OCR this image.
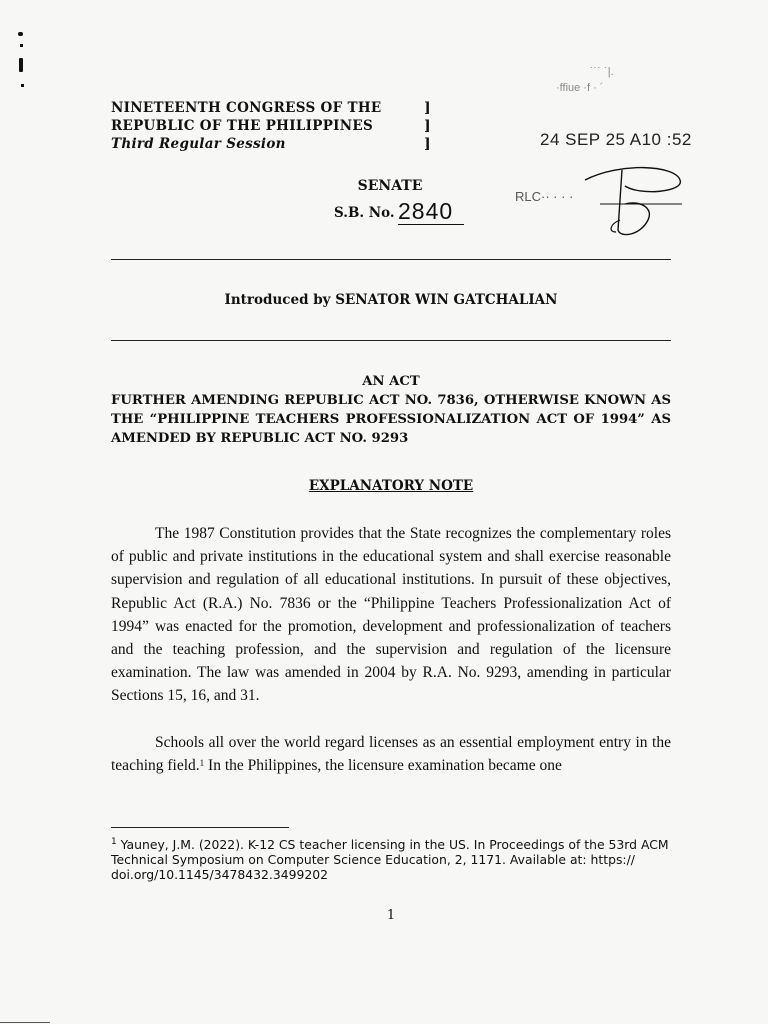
NINETEENTH CONGRESS OF THE
REPUBLIC OF THE PHILIPPINES
Third Regular Session
]
]
]
˙˙˙ ˙|.
·ffiue ·f · ´
24 SEP 25 A10 :52
RLC·· · · ·
SENATE
S.B. No. 2840
Introduced by SENATOR WIN GATCHALIAN
AN ACT
FURTHER AMENDING REPUBLIC ACT NO. 7836, OTHERWISE KNOWN AS
THE “PHILIPPINE TEACHERS PROFESSIONALIZATION ACT OF 1994” AS
AMENDED BY REPUBLIC ACT NO. 9293
EXPLANATORY NOTE

The 1987 Constitution provides that the State recognizes the complementary roles of public and private institutions in the educational system and shall exercise reasonable supervision and regulation of all educational institutions. In pursuit of these objectives, Republic Act (R.A.) No. 7836 or the “Philippine Teachers Professionalization Act of 1994” was enacted for the promotion, development and professionalization of teachers and the teaching profession, and the supervision and regulation of the licensure examination. The law was amended in 2004 by R.A. No. 9293, amending in particular Sections 15, 16, and 31.

Schools all over the world regard licenses as an essential employment entry in the teaching field.$^1$ In the Philippines, the licensure examination became one

$^1$ Yauney, J.M. (2022). K-12 CS teacher licensing in the US. In Proceedings of the 53rd ACM Technical Symposium on Computer Science Education, 2, 1171. Available at: https:// doi.org/10.1145/3478432.3499202
1
